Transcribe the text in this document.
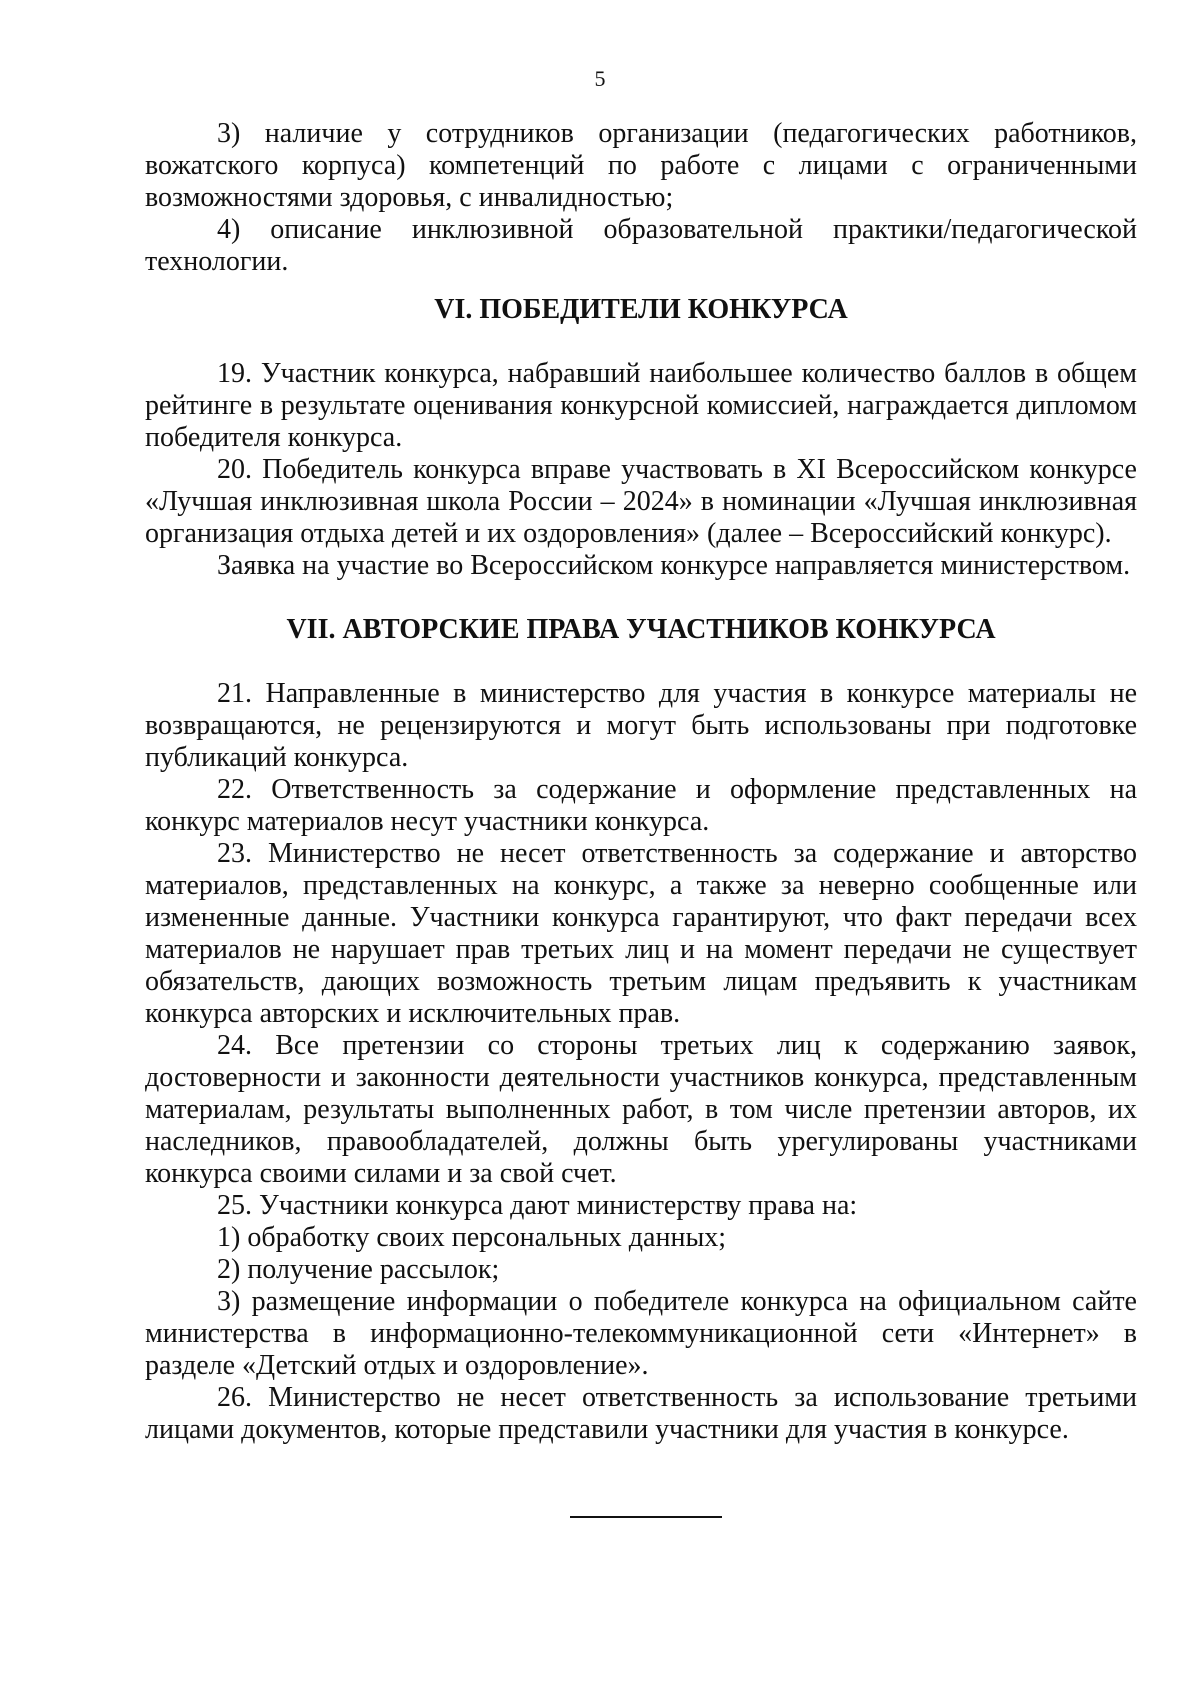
5

3) наличие у сотрудников организации (педагогических работников, вожатского корпуса) компетенций по работе с лицами с ограниченными возможностями здоровья, с инвалидностью;

4) описание инклюзивной образовательной практики/педагогической технологии.

VI. ПОБЕДИТЕЛИ КОНКУРСА

19. Участник конкурса, набравший наибольшее количество баллов в общем рейтинге в результате оценивания конкурсной комиссией, награждается дипломом победителя конкурса.

20. Победитель конкурса вправе участвовать в XI Всероссийском конкурсе «Лучшая инклюзивная школа России – 2024» в номинации «Лучшая инклюзивная организация отдыха детей и их оздоровления» (далее – Всероссийский конкурс).

Заявка на участие во Всероссийском конкурсе направляется министерством.

VII. АВТОРСКИЕ ПРАВА УЧАСТНИКОВ КОНКУРСА

21. Направленные в министерство для участия в конкурсе материалы не возвращаются, не рецензируются и могут быть использованы при подготовке публикаций конкурса.

22. Ответственность за содержание и оформление представленных на конкурс материалов несут участники конкурса.

23. Министерство не несет ответственность за содержание и авторство материалов, представленных на конкурс, а также за неверно сообщенные или измененные данные. Участники конкурса гарантируют, что факт передачи всех материалов не нарушает прав третьих лиц и на момент передачи не существует обязательств, дающих возможность третьим лицам предъявить к участникам конкурса авторских и исключительных прав.

24. Все претензии со стороны третьих лиц к содержанию заявок, достоверности и законности деятельности участников конкурса, представленным материалам, результаты выполненных работ, в том числе претензии авторов, их наследников, правообладателей, должны быть урегулированы участниками конкурса своими силами и за свой счет.

25. Участники конкурса дают министерству права на:

1) обработку своих персональных данных;

2) получение рассылок;

3) размещение информации о победителе конкурса на официальном сайте министерства в информационно-телекоммуникационной сети «Интернет» в разделе «Детский отдых и оздоровление».

26. Министерство не несет ответственность за использование третьими лицами документов, которые представили участники для участия в конкурсе.
